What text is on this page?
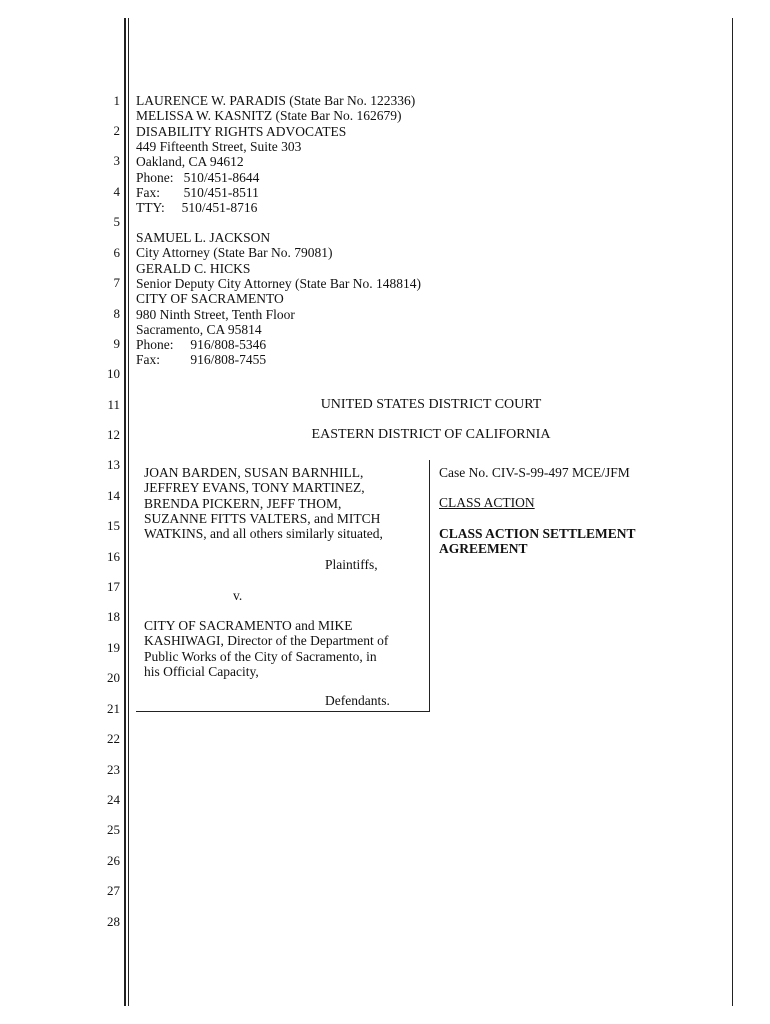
1
2
3
4
5
6
7
8
9
10
11
12
13
14
15
16
17
18
19
20
21
22
23
24
25
26
27
28
LAURENCE W. PARADIS (State Bar No. 122336)
MELISSA W. KASNITZ (State Bar No. 162679)
DISABILITY RIGHTS ADVOCATES
449 Fifteenth Street, Suite 303
Oakland, CA 94612
Phone:   510/451-8644
Fax:       510/451-8511
TTY:     510/451-8716
SAMUEL L. JACKSON
City Attorney (State Bar No. 79081)
GERALD C. HICKS
Senior Deputy City Attorney (State Bar No. 148814)
CITY OF SACRAMENTO
980 Ninth Street, Tenth Floor
Sacramento, CA 95814
Phone:     916/808-5346
Fax:         916/808-7455
UNITED STATES DISTRICT COURT
EASTERN DISTRICT OF CALIFORNIA
JOAN BARDEN, SUSAN BARNHILL,
JEFFREY EVANS, TONY MARTINEZ,
BRENDA PICKERN, JEFF THOM,
SUZANNE FITTS VALTERS, and MITCH
WATKINS, and all others similarly situated,
Plaintiffs,
v.
CITY OF SACRAMENTO and MIKE
KASHIWAGI, Director of the Department of
Public Works of the City of Sacramento, in
his Official Capacity,
Defendants.
Case No. CIV-S-99-497 MCE/JFM
CLASS ACTION
CLASS ACTION SETTLEMENT
AGREEMENT
